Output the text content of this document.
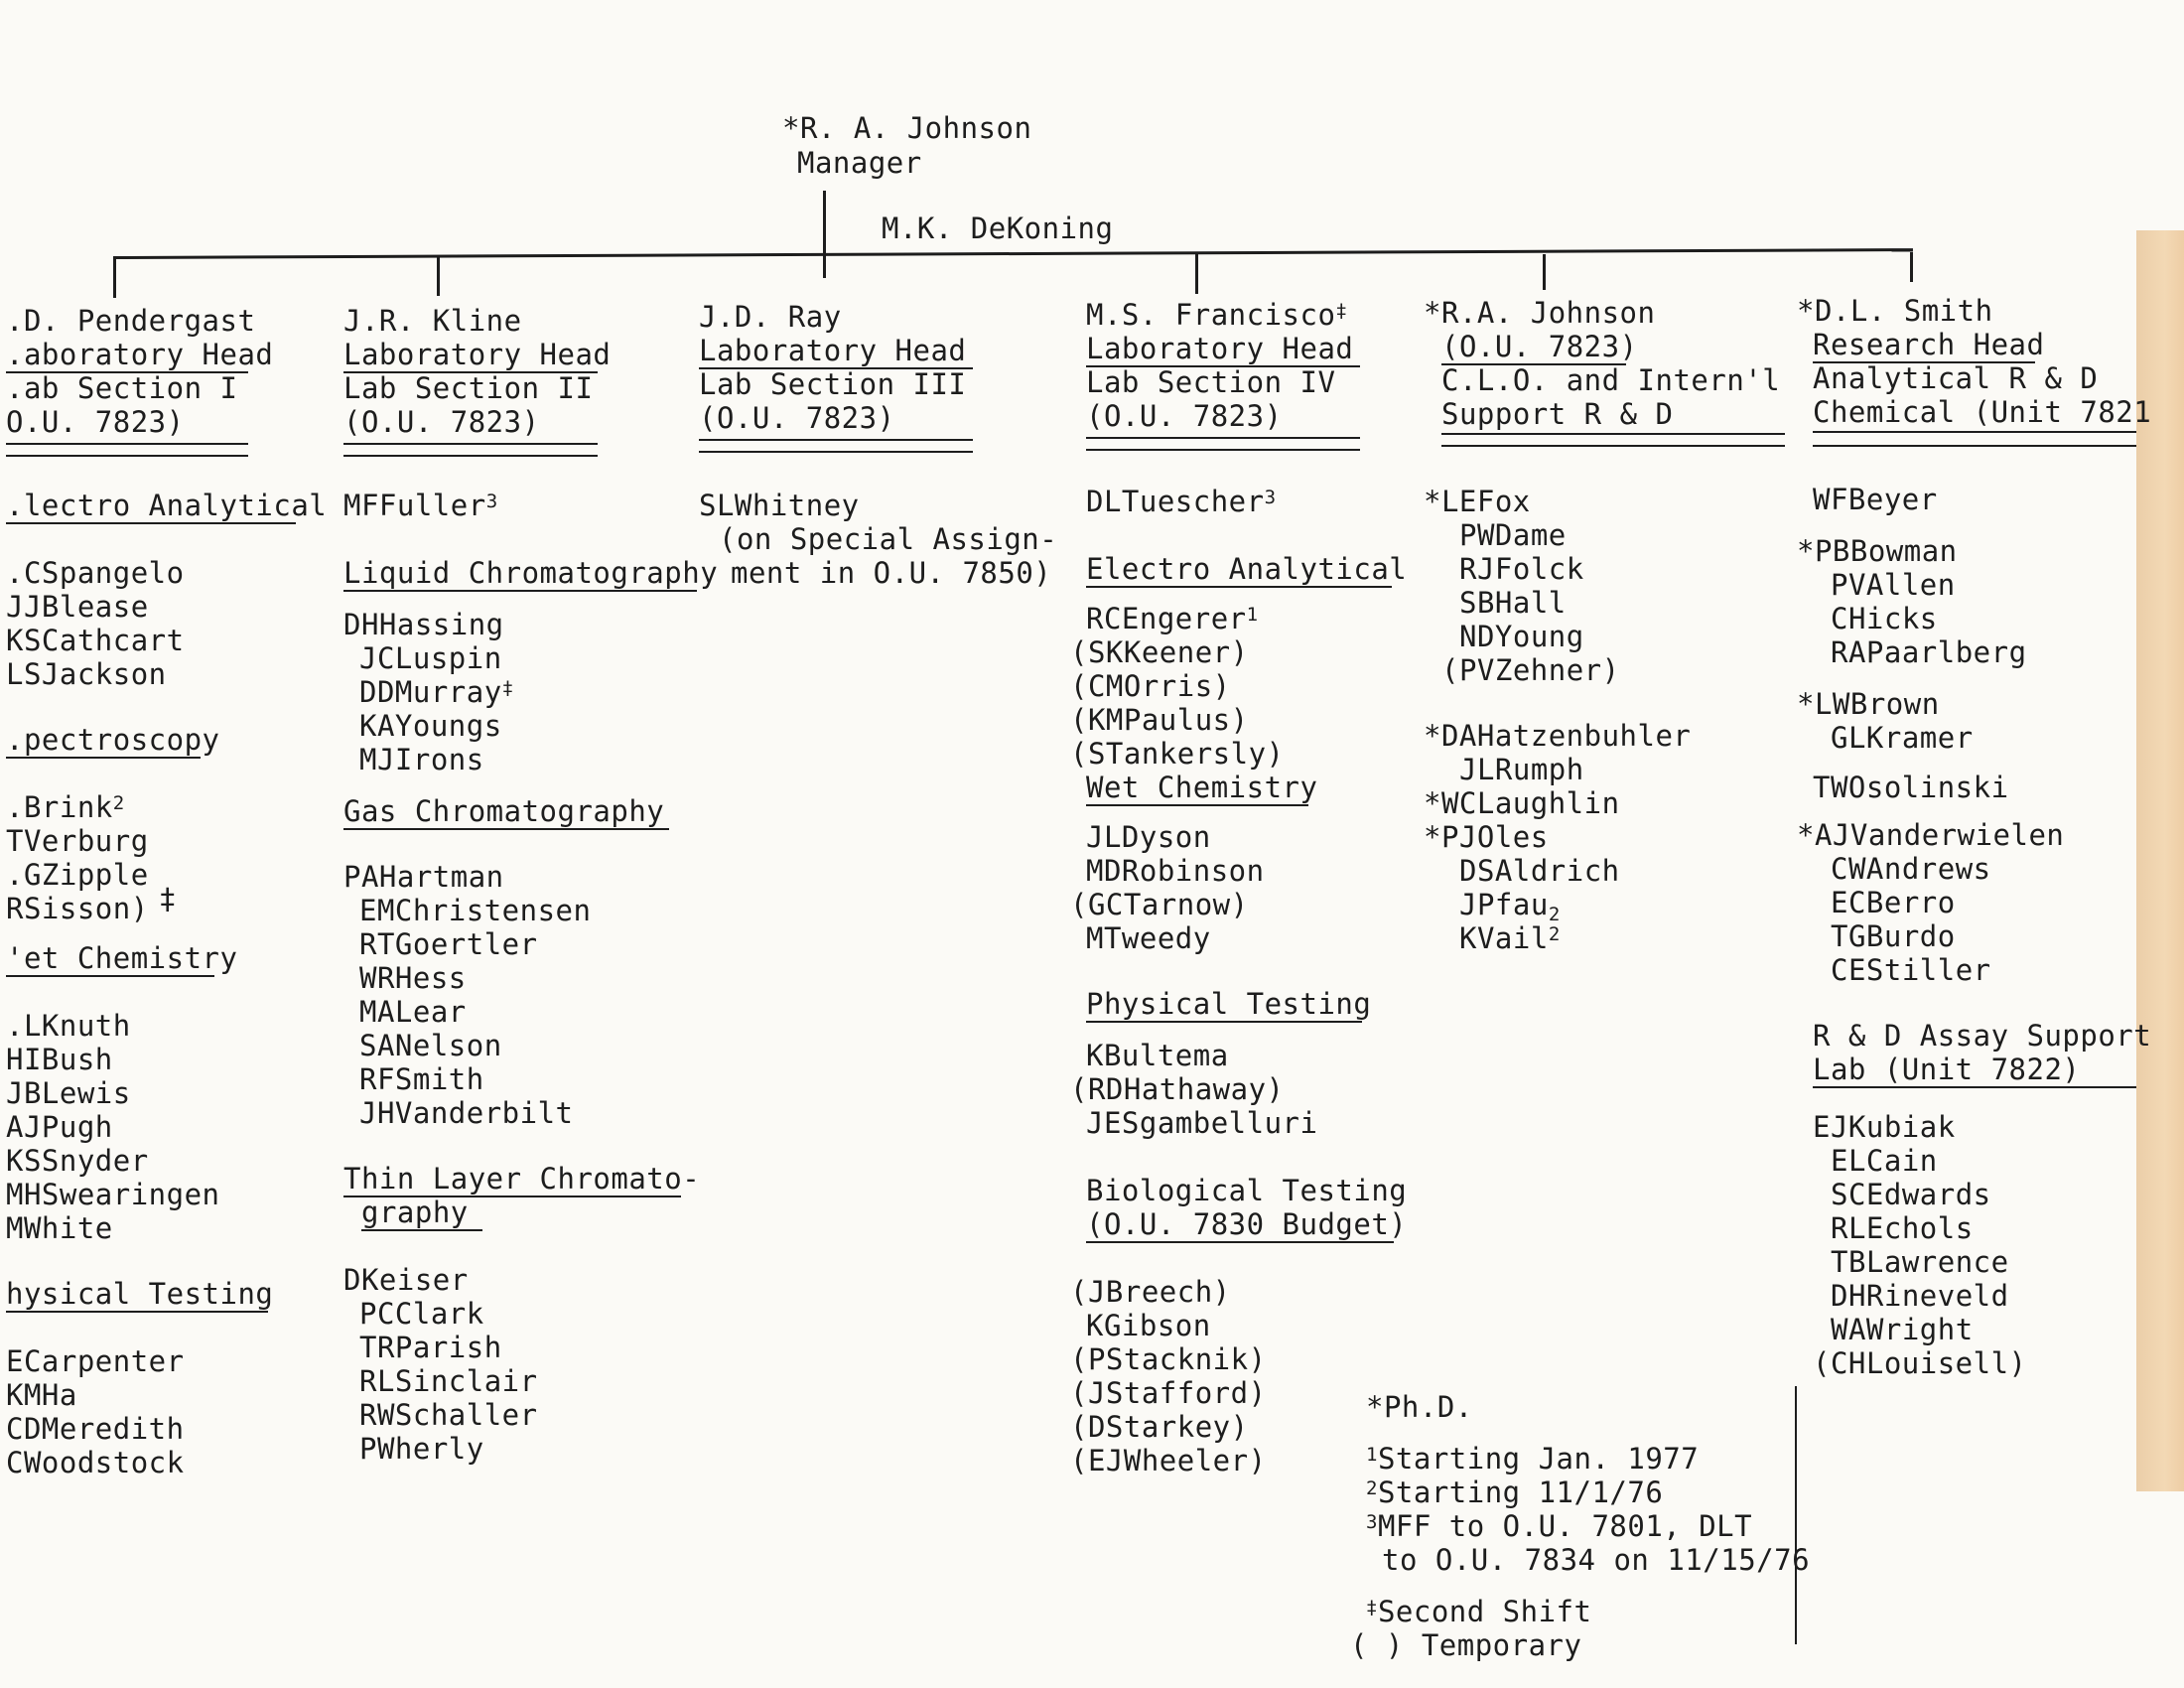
*R. A. Johnson
Manager
M.K. DeKoning
.D. Pendergast
.aboratory Head
.ab Section I
O.U. 7823)
.lectro Analytical
.CSpangelo
JJBlease
KSCathcart
LSJackson
.pectroscopy
.Brink$^2$
TVerburg
.GZipple
RSisson) ‡
'et Chemistry
.LKnuth
HIBush
JBLewis
AJPugh
KSSnyder
MHSwearingen
MWhite
hysical Testing
ECarpenter
KMHa
CDMeredith
CWoodstock
J.R. Kline
Laboratory Head
Lab Section II
(O.U. 7823)
MFFuller$^3$
Liquid Chromatography
DHHassing
JCLuspin
DDMurray‡
KAYoungs
MJIrons
Gas Chromatography
PAHartman
EMChristensen
RTGoertler
WRHess
MALear
SANelson
RFSmith
JHVanderbilt
Thin Layer Chromato-
graphy
DKeiser
PCClark
TRParish
RLSinclair
RWSchaller
PWherly
J.D. Ray
Laboratory Head
Lab Section III
(O.U. 7823)
SLWhitney
(on Special Assign-
ment in O.U. 7850)
M.S. Francisco‡
Laboratory Head
Lab Section IV
(O.U. 7823)
DLTuescher$^3$
Electro Analytical
RCEngerer$^1$
(SKKeener)
(CMOrris)
(KMPaulus)
(STankersly)
Wet Chemistry
JLDyson
MDRobinson
(GCTarnow)
MTweedy
Physical Testing
KBultema
(RDHathaway)
JESgambelluri
Biological Testing
(O.U. 7830 Budget)
(JBreech)
KGibson
(PStacknik)
(JStafford)
(DStarkey)
(EJWheeler)
*R.A. Johnson
(O.U. 7823)
C.L.O. and Intern'l
Support R & D
*LEFox
PWDame
RJFolck
SBHall
NDYoung
(PVZehner)
*DAHatzenbuhler
JLRumph
*WCLaughlin
*PJOles
DSAldrich
JPfau$_2$
KVail$^2$
*D.L. Smith
Research Head
Analytical R & D
Chemical (Unit 7821
WFBeyer
*PBBowman
PVAllen
CHicks
RAPaarlberg
*LWBrown
GLKramer
TWOsolinski
*AJVanderwielen
CWAndrews
ECBerro
TGBurdo
CEStiller
R & D Assay Support
Lab (Unit 7822)
EJKubiak
ELCain
SCEdwards
RLEchols
TBLawrence
DHRineveld
WAWright
(CHLouisell)
*Ph.D.
$^1$Starting Jan. 1977
$^2$Starting 11/1/76
$^3$MFF to O.U. 7801, DLT
to O.U. 7834 on 11/15/76
‡Second Shift
( ) Temporary
